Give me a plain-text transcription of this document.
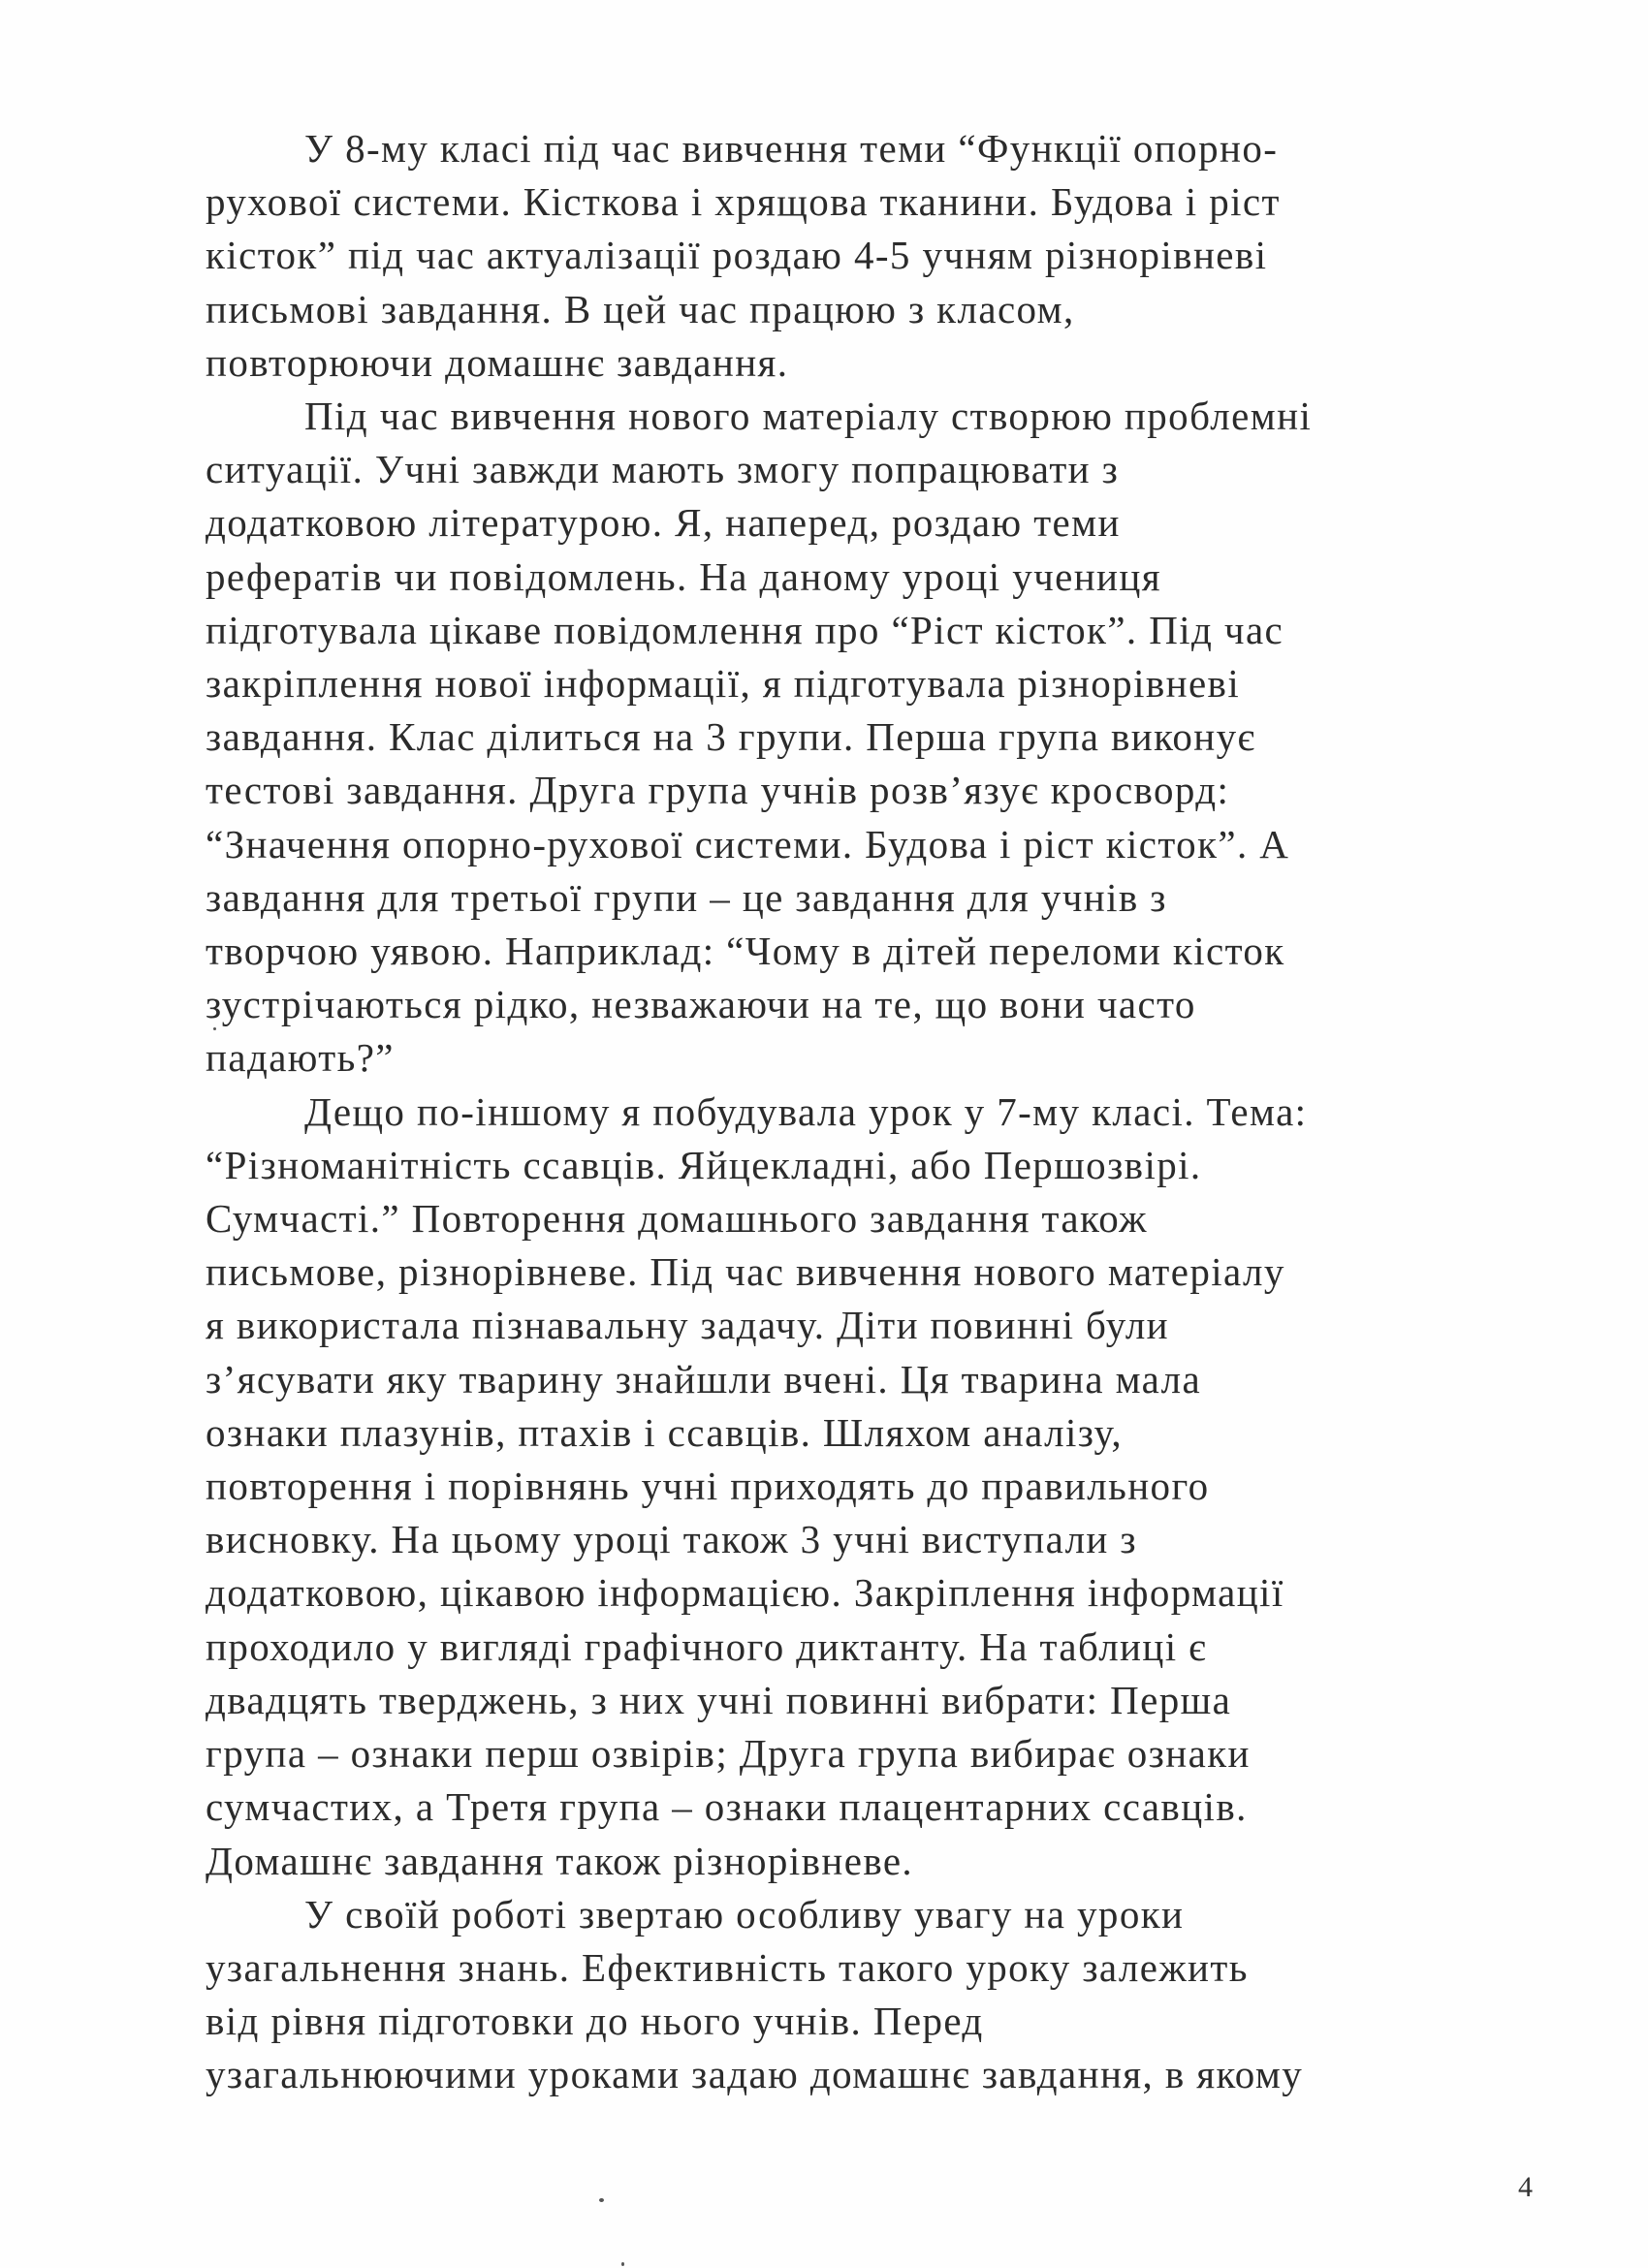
У 8-му класі під час вивчення теми “Функції опорно-
рухової системи. Кісткова і хрящова тканини. Будова і ріст
кісток” під час актуалізації роздаю 4-5 учням різнорівневі
письмові завдання. В цей час працюю з класом,
повторюючи домашнє завдання.
Під час вивчення нового матеріалу створюю проблемні
ситуації. Учні завжди мають змогу попрацювати з
додатковою літературою. Я, наперед, роздаю теми
рефератів чи повідомлень. На даному уроці учениця
підготувала цікаве повідомлення про “Ріст кісток”. Під час
закріплення нової інформації, я підготувала різнорівневі
завдання. Клас ділиться на 3 групи. Перша група виконує
тестові завдання. Друга група учнів розв’язує кросворд:
“Значення опорно-рухової системи. Будова і ріст кісток”. А
завдання для третьої групи – це завдання для учнів з
творчою уявою. Наприклад: “Чому в дітей переломи кісток
зустрічаються рідко, незважаючи на те, що вони часто
падають?”
Дещо по-іншому я побудувала урок у 7-му класі. Тема:
“Різноманітність ссавців. Яйцекладні, або Першозвірі.
Сумчасті.” Повторення домашнього завдання також
письмове, різнорівневе. Під час вивчення нового матеріалу
я використала пізнавальну задачу. Діти повинні були
з’ясувати яку тварину знайшли вчені. Ця тварина мала
ознаки плазунів, птахів і ссавців. Шляхом аналізу,
повторення і порівнянь учні приходять до правильного
висновку. На цьому уроці також 3 учні виступали з
додатковою, цікавою інформацією. Закріплення інформації
проходило у вигляді графічного диктанту. На таблиці є
двадцять тверджень, з них учні повинні вибрати: Перша
група – ознаки перш озвірів; Друга група вибирає ознаки
сумчастих, а Третя група – ознаки плацентарних ссавців.
Домашнє завдання також різнорівневе.
У своїй роботі звертаю особливу увагу на уроки
узагальнення знань. Ефективність такого уроку залежить
від рівня підготовки до нього учнів. Перед
узагальнюючими уроками задаю домашнє завдання, в якому
4
